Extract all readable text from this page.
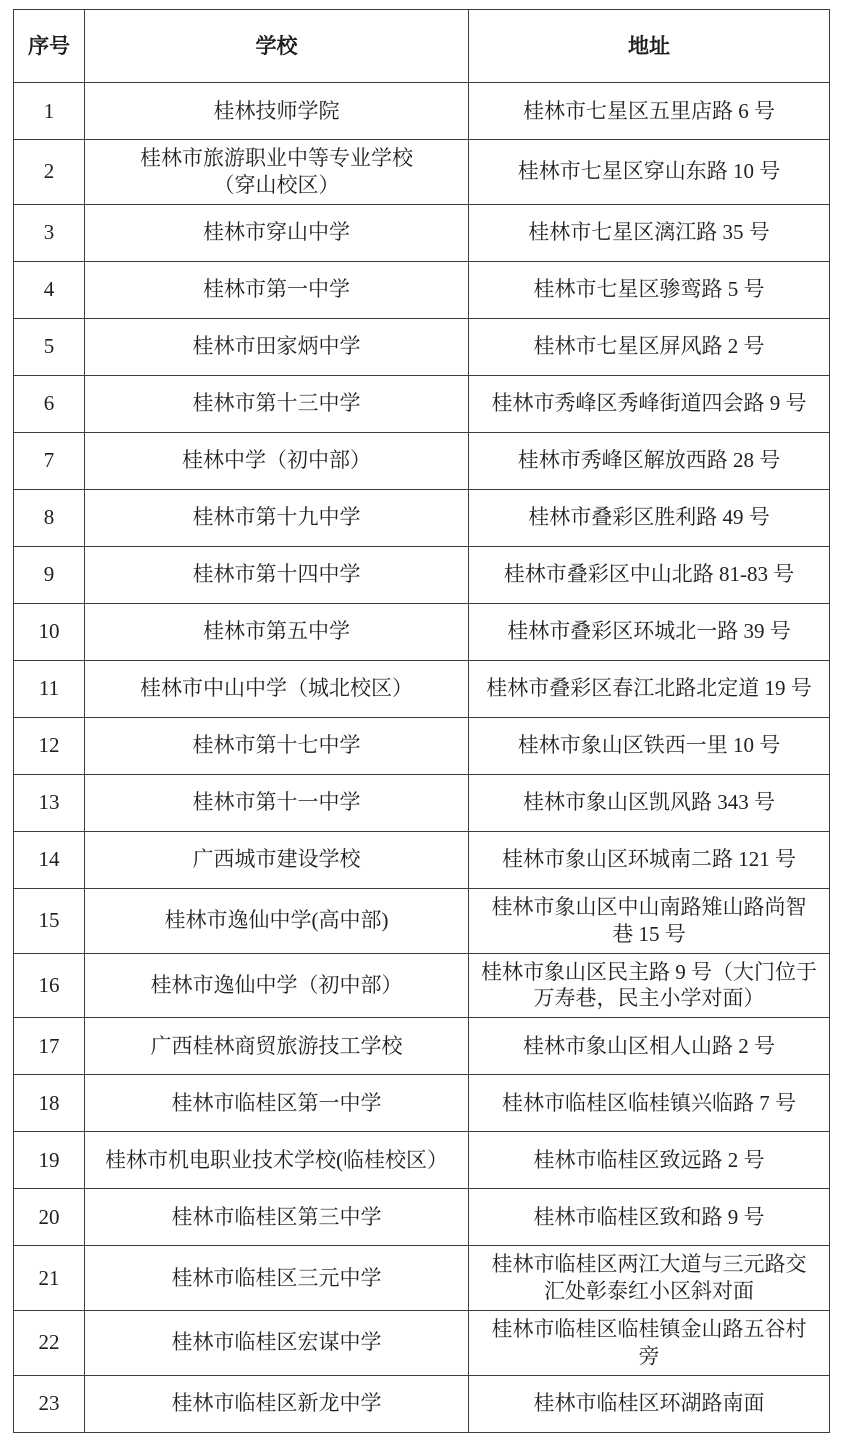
序号	学校	地址
1	桂林技师学院	桂林市七星区五里店路 6 号
2	桂林市旅游职业中等专业学校
（穿山校区）	桂林市七星区穿山东路 10 号
3	桂林市穿山中学	桂林市七星区漓江路 35 号
4	桂林市第一中学	桂林市七星区骖鸾路 5 号
5	桂林市田家炳中学	桂林市七星区屏风路 2 号
6	桂林市第十三中学	桂林市秀峰区秀峰街道四会路 9 号
7	桂林中学（初中部）	桂林市秀峰区解放西路 28 号
8	桂林市第十九中学	桂林市叠彩区胜利路 49 号
9	桂林市第十四中学	桂林市叠彩区中山北路 81-83 号
10	桂林市第五中学	桂林市叠彩区环城北一路 39 号
11	桂林市中山中学（城北校区）	桂林市叠彩区春江北路北定道 19 号
12	桂林市第十七中学	桂林市象山区铁西一里 10 号
13	桂林市第十一中学	桂林市象山区凯风路 343 号
14	广西城市建设学校	桂林市象山区环城南二路 121 号
15	桂林市逸仙中学(高中部)	桂林市象山区中山南路雉山路尚智
巷 15 号
16	桂林市逸仙中学（初中部）	桂林市象山区民主路 9 号（大门位于
万寿巷，民主小学对面）
17	广西桂林商贸旅游技工学校	桂林市象山区相人山路 2 号
18	桂林市临桂区第一中学	桂林市临桂区临桂镇兴临路 7 号
19	桂林市机电职业技术学校(临桂校区）	桂林市临桂区致远路 2 号
20	桂林市临桂区第三中学	桂林市临桂区致和路 9 号
21	桂林市临桂区三元中学	桂林市临桂区两江大道与三元路交
汇处彰泰红小区斜对面
22	桂林市临桂区宏谋中学	桂林市临桂区临桂镇金山路五谷村
旁
23	桂林市临桂区新龙中学	桂林市临桂区环湖路南面
